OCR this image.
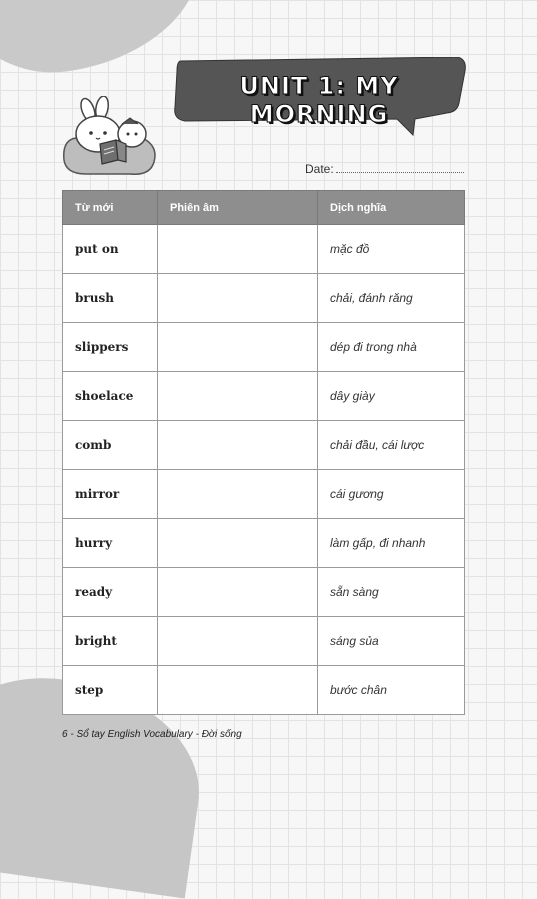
UNIT 1: MY MORNING
Date:
Từ mới	Phiên âm	Dịch nghĩa
put on		mặc đồ
brush		chải, đánh răng
slippers		dép đi trong nhà
shoelace		dây giày
comb		chải đầu, cái lược
mirror		cái gương
hurry		làm gấp, đi nhanh
ready		sẵn sàng
bright		sáng sủa
step		bước chân
6 - Sổ tay English Vocabulary - Đời sống
